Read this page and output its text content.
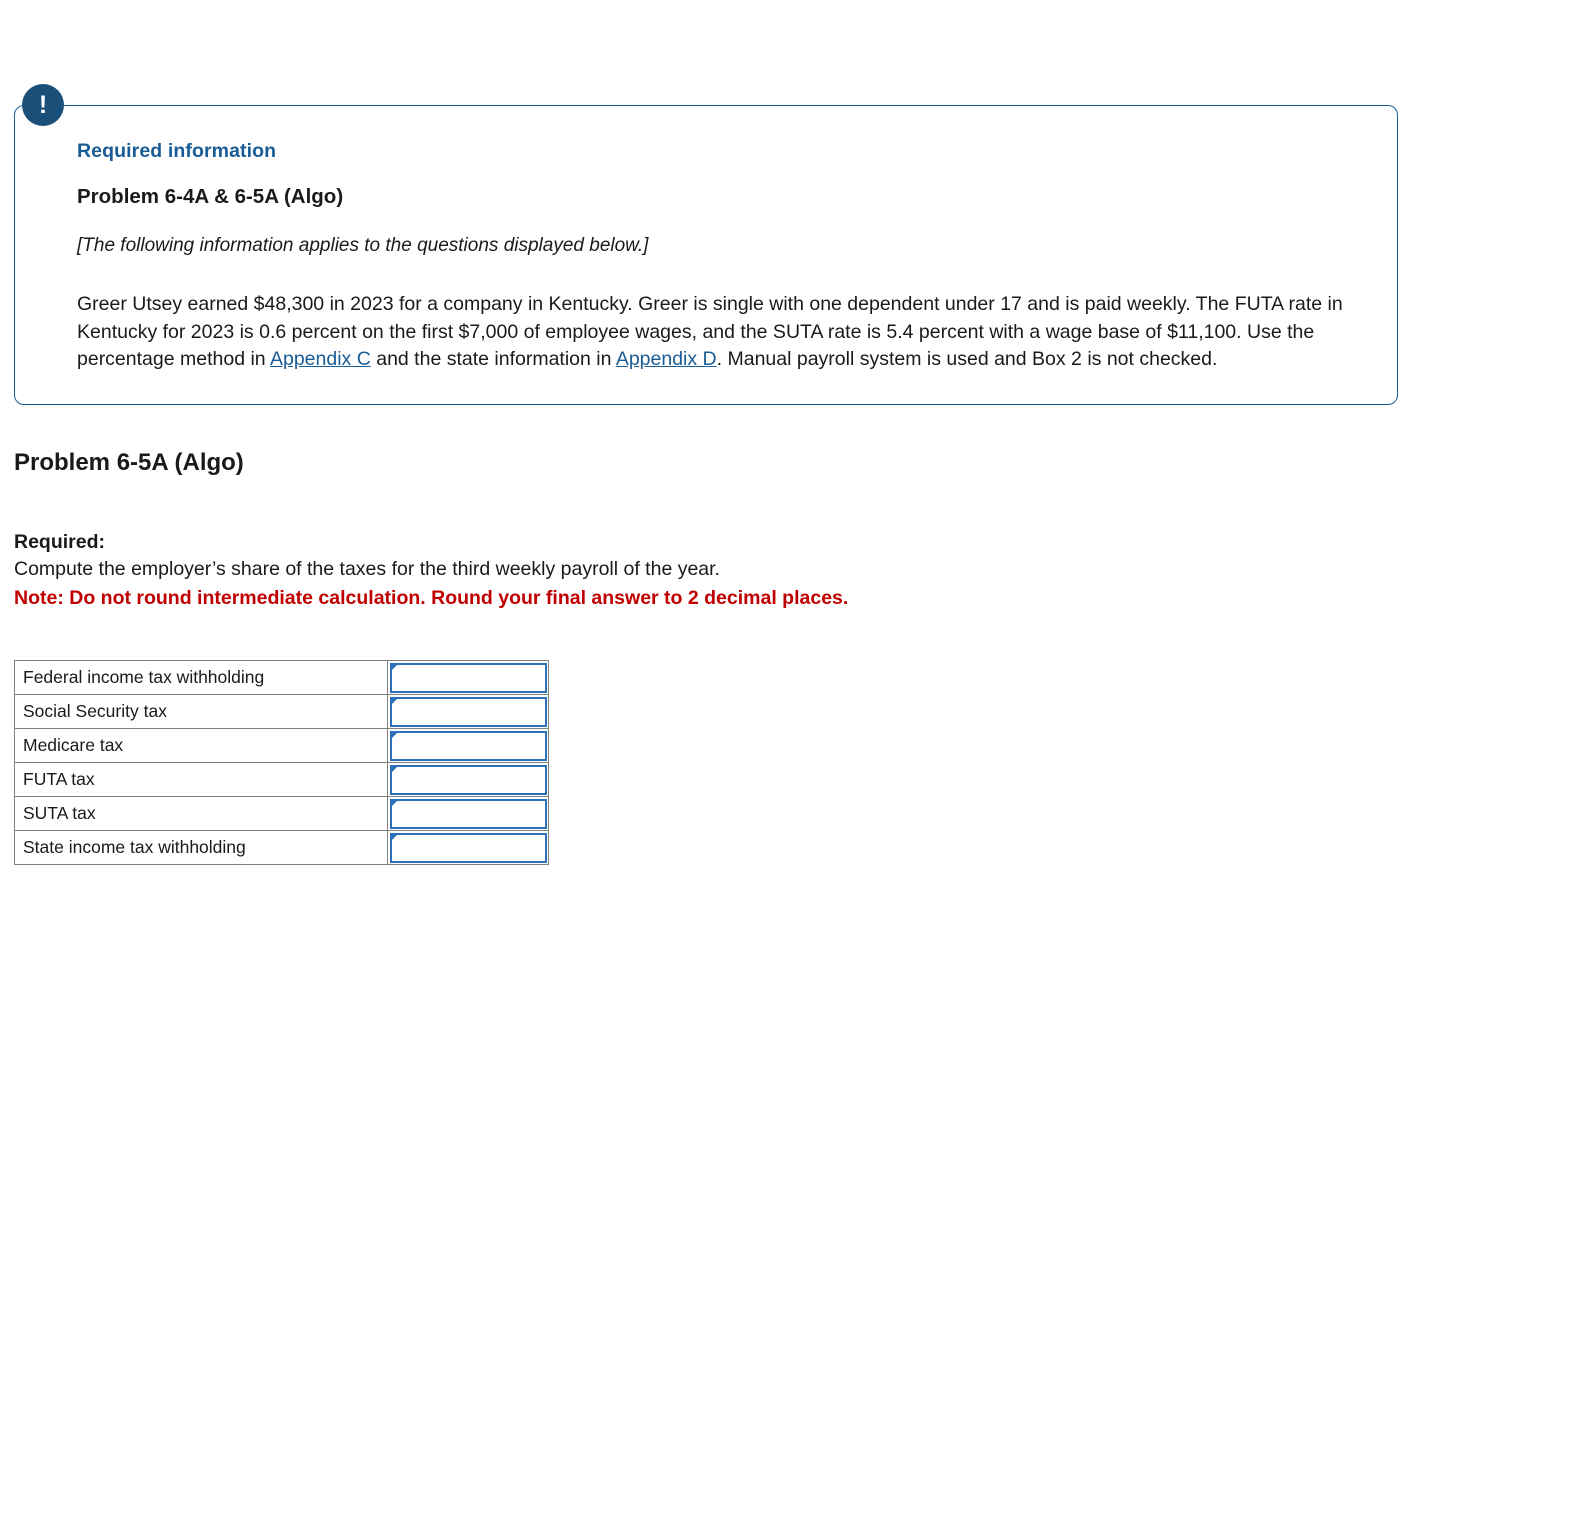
!
Required information
Problem 6-4A & 6-5A (Algo)
[The following information applies to the questions displayed below.]

Greer Utsey earned $48,300 in 2023 for a company in Kentucky. Greer is single with one dependent under 17 and is paid weekly. The FUTA rate in Kentucky for 2023 is 0.6 percent on the first $7,000 of employee wages, and the SUTA rate is 5.4 percent with a wage base of $11,100. Use the percentage method in Appendix C and the state information in Appendix D. Manual payroll system is used and Box 2 is not checked.

Problem 6-5A (Algo)
Required:
Compute the employer’s share of the taxes for the third weekly payroll of the year.
Note: Do not round intermediate calculation. Round your final answer to 2 decimal places.
Federal income tax withholding	

Social Security tax	

Medicare tax	

FUTA tax	

SUTA tax	

State income tax withholding	
